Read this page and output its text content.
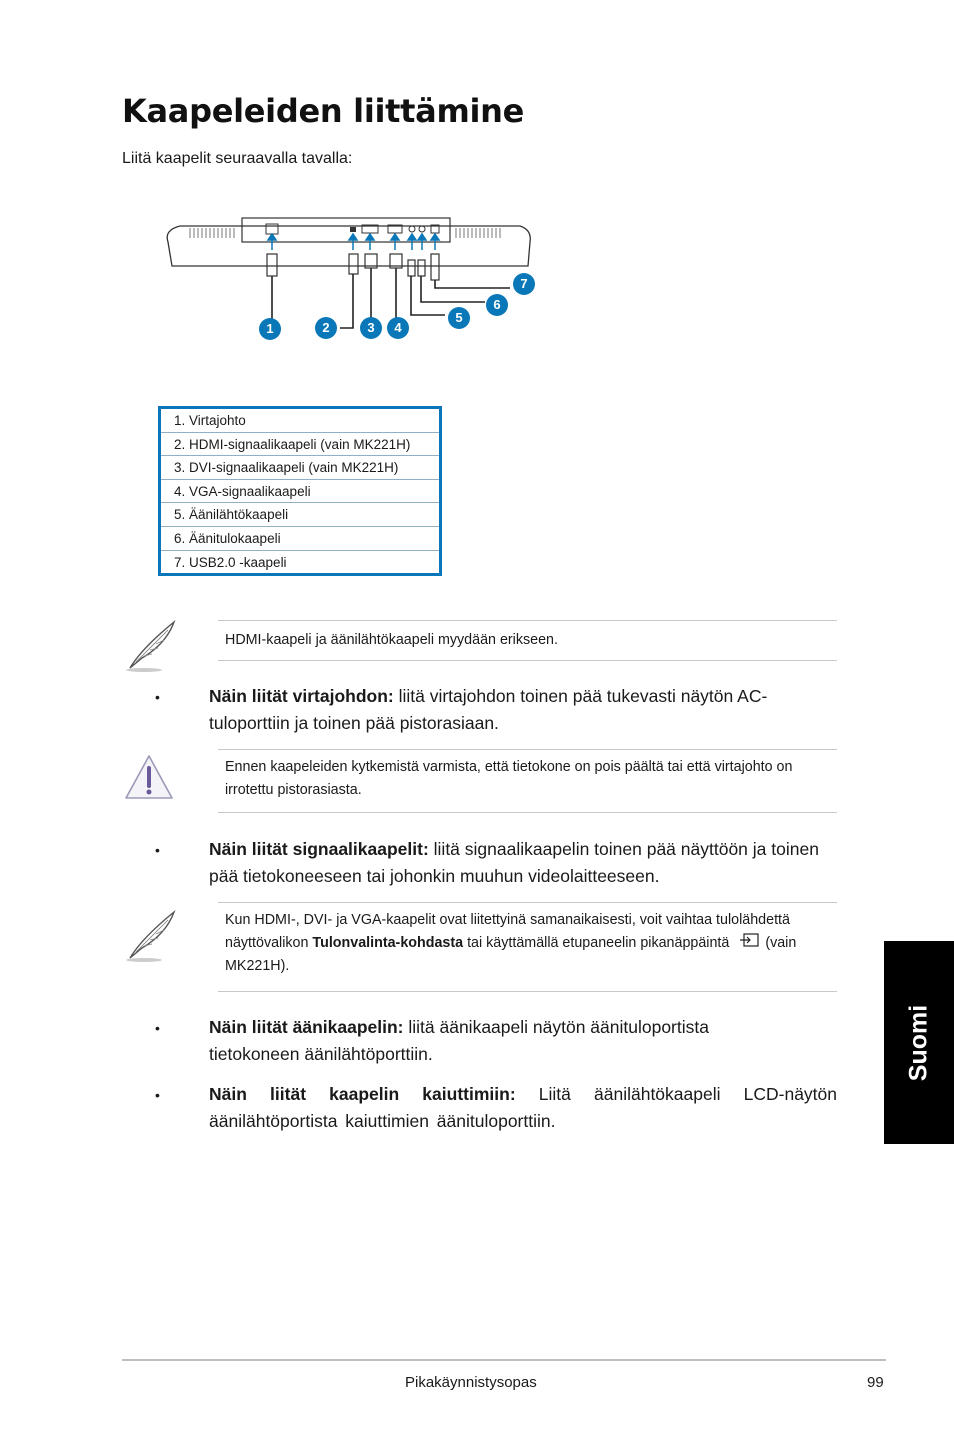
Kaapeleiden liittämine
Liitä kaapelit seuraavalla tavalla:
1	2	3	4
5
6
7
1. Virtajohto
2. HDMI-signaalikaapeli (vain MK221H)
3. DVI-signaalikaapeli (vain MK221H)
4. VGA-signaalikaapeli
5. Äänilähtökaapeli
6. Äänitulokaapeli
7. USB2.0 -kaapeli
HDMI-kaapeli ja äänilähtökaapeli myydään erikseen.
•	Näin liität virtajohdon: liitä virtajohdon toinen pää tukevasti näytön AC-tuloporttiin ja toinen pää pistorasiaan.
Ennen kaapeleiden kytkemistä varmista, että tietokone on pois päältä tai että virtajohto on irrotettu pistorasiasta.
•	Näin liität signaalikaapelit: liitä signaalikaapelin toinen pää näyttöön ja toinen pää tietokoneeseen tai johonkin muuhun videolaitteeseen.
Kun HDMI-, DVI- ja VGA-kaapelit ovat liitettyinä samanaikaisesti, voit vaihtaa tulolähdettä näyttövalikon Tulonvalinta-kohdasta tai käyttämällä etupaneelin pikanäppäintä  (vain MK221H).
•	Näin liität äänikaapelin: liitä äänikaapeli näytön äänituloportista tietokoneen äänilähtöporttiin.
•	Näin liität kaapelin kaiuttimiin: Liitä äänilähtökaapeli LCD-näytön äänilähtöportista kaiuttimien äänituloporttiin.
Suomi
Pikakäynnistysopas	99
